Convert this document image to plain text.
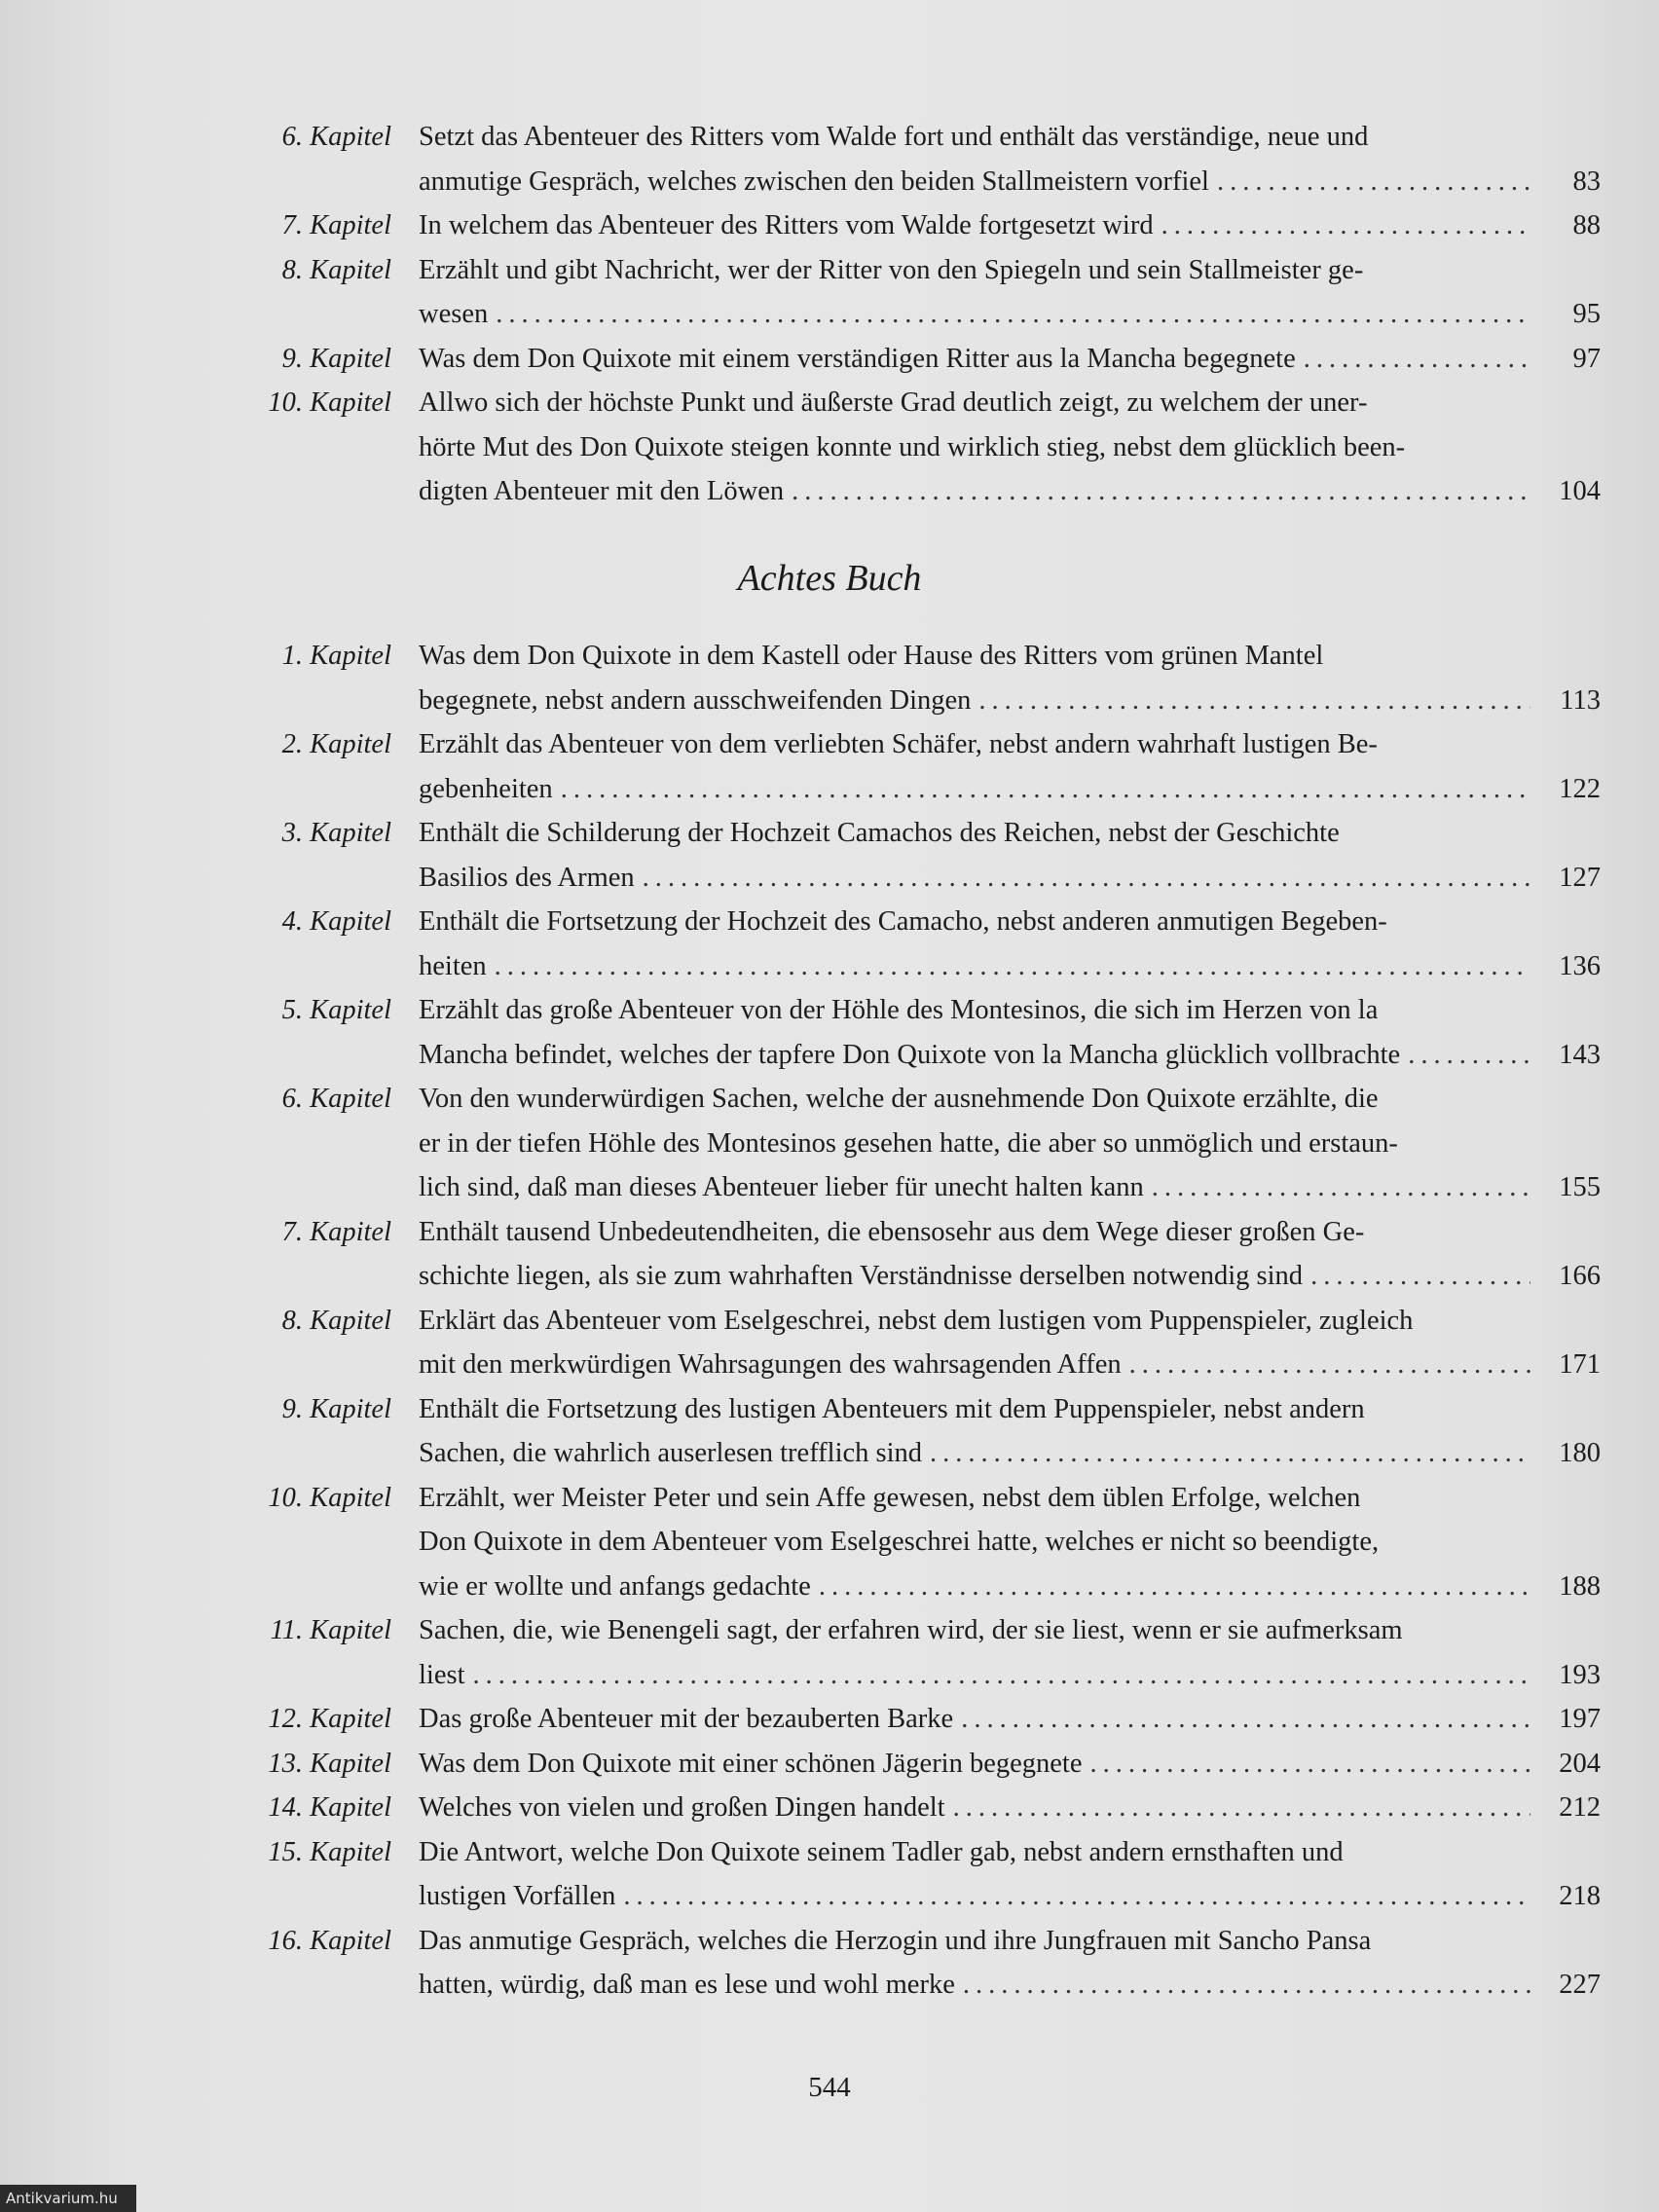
6. Kapitel Setzt das Abenteuer des Ritters vom Walde fort und enthält das verständige, neue und
anmutige Gespräch, welches zwischen den beiden Stallmeistern vorfiel .....	83
7. Kapitel In welchem das Abenteuer des Ritters vom Walde fortgesetzt wird .....	88
8. Kapitel Erzählt und gibt Nachricht, wer der Ritter von den Spiegeln und sein Stallmeister ge-
wesen .....	95
9. Kapitel Was dem Don Quixote mit einem verständigen Ritter aus la Mancha begegnete .....	97
10. Kapitel Allwo sich der höchste Punkt und äußerste Grad deutlich zeigt, zu welchem der uner-
hörte Mut des Don Quixote steigen konnte und wirklich stieg, nebst dem glücklich been-
digten Abenteuer mit den Löwen .....	104
Achtes Buch
1. Kapitel Was dem Don Quixote in dem Kastell oder Hause des Ritters vom grünen Mantel
begegnete, nebst andern ausschweifenden Dingen .....	113
2. Kapitel Erzählt das Abenteuer von dem verliebten Schäfer, nebst andern wahrhaft lustigen Be-
gebenheiten .....	122
3. Kapitel Enthält die Schilderung der Hochzeit Camachos des Reichen, nebst der Geschichte
Basilios des Armen .....	127
4. Kapitel Enthält die Fortsetzung der Hochzeit des Camacho, nebst anderen anmutigen Begeben-
heiten .....	136
5. Kapitel Erzählt das große Abenteuer von der Höhle des Montesinos, die sich im Herzen von la
Mancha befindet, welches der tapfere Don Quixote von la Mancha glücklich vollbrachte .....	143
6. Kapitel Von den wunderwürdigen Sachen, welche der ausnehmende Don Quixote erzählte, die
er in der tiefen Höhle des Montesinos gesehen hatte, die aber so unmöglich und erstaun-
lich sind, daß man dieses Abenteuer lieber für unecht halten kann .....	155
7. Kapitel Enthält tausend Unbedeutendheiten, die ebensosehr aus dem Wege dieser großen Ge-
schichte liegen, als sie zum wahrhaften Verständnisse derselben notwendig sind .....	166
8. Kapitel Erklärt das Abenteuer vom Eselgeschrei, nebst dem lustigen vom Puppenspieler, zugleich
mit den merkwürdigen Wahrsagungen des wahrsagenden Affen .....	171
9. Kapitel Enthält die Fortsetzung des lustigen Abenteuers mit dem Puppenspieler, nebst andern
Sachen, die wahrlich auserlesen trefflich sind .....	180
10. Kapitel Erzählt, wer Meister Peter und sein Affe gewesen, nebst dem üblen Erfolge, welchen
Don Quixote in dem Abenteuer vom Eselgeschrei hatte, welches er nicht so beendigte,
wie er wollte und anfangs gedachte .....	188
11. Kapitel Sachen, die, wie Benengeli sagt, der erfahren wird, der sie liest, wenn er sie aufmerksam
liest .....	193
12. Kapitel Das große Abenteuer mit der bezauberten Barke .....	197
13. Kapitel Was dem Don Quixote mit einer schönen Jägerin begegnete .....	204
14. Kapitel Welches von vielen und großen Dingen handelt .....	212
15. Kapitel Die Antwort, welche Don Quixote seinem Tadler gab, nebst andern ernsthaften und
lustigen Vorfällen .....	218
16. Kapitel Das anmutige Gespräch, welches die Herzogin und ihre Jungfrauen mit Sancho Pansa
hatten, würdig, daß man es lese und wohl merke .....	227
544
Antikvarium.hu
